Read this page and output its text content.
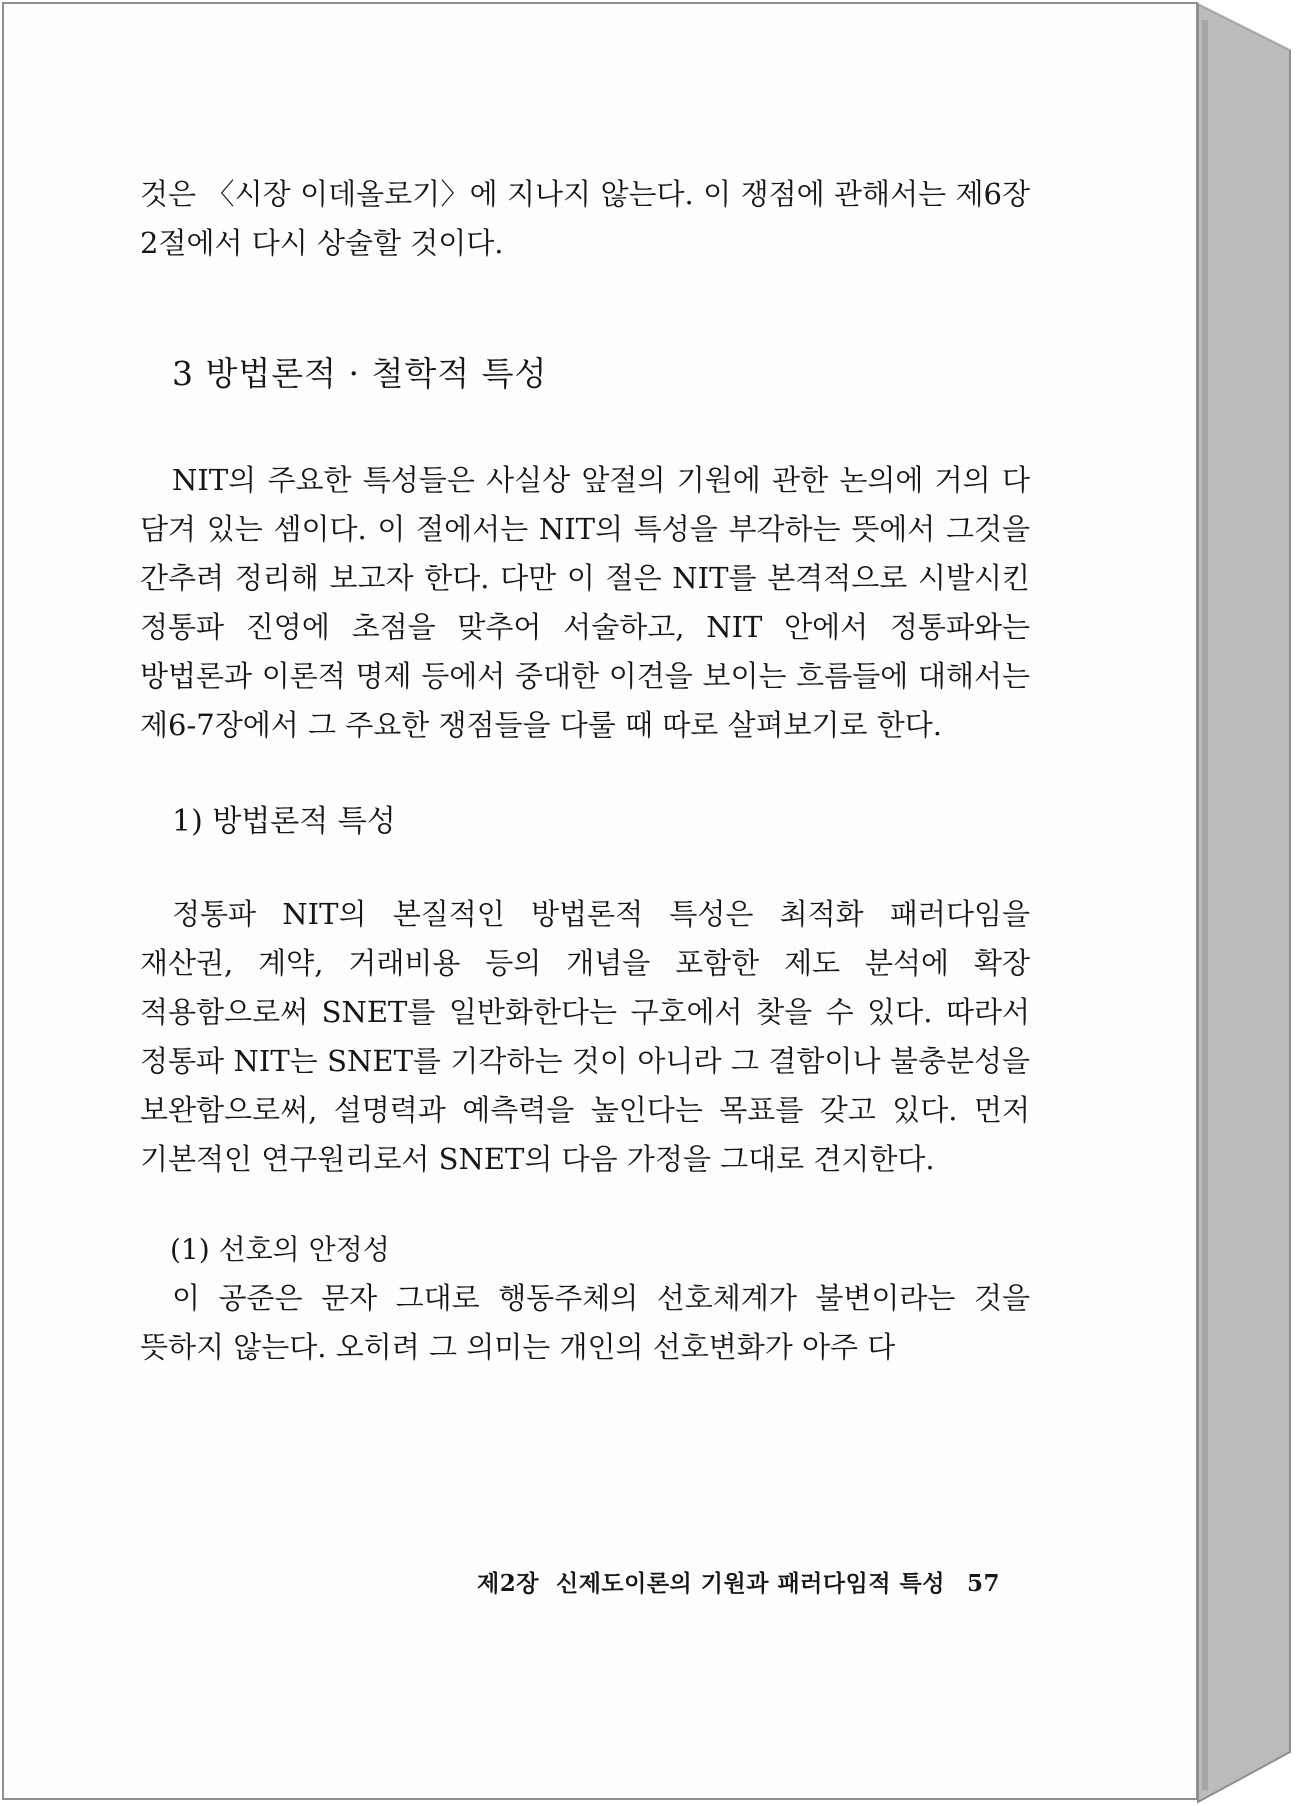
것은 〈시장 이데올로기〉에 지나지 않는다. 이 쟁점에 관해서는 제6장 2절에서 다시 상술할 것이다.

3 방법론적 · 철학적 특성

NIT의 주요한 특성들은 사실상 앞절의 기원에 관한 논의에 거의 다 담겨 있는 셈이다. 이 절에서는 NIT의 특성을 부각하는 뜻에서 그것을 간추려 정리해 보고자 한다. 다만 이 절은 NIT를 본격적으로 시발시킨 정통파 진영에 초점을 맞추어 서술하고, NIT 안에서 정통파와는 방법론과 이론적 명제 등에서 중대한 이견을 보이는 흐름들에 대해서는 제6-7장에서 그 주요한 쟁점들을 다룰 때 따로 살펴보기로 한다.

1) 방법론적 특성

정통파 NIT의 본질적인 방법론적 특성은 최적화 패러다임을 재산권, 계약, 거래비용 등의 개념을 포함한 제도 분석에 확장 적용함으로써 SNET를 일반화한다는 구호에서 찾을 수 있다. 따라서 정통파 NIT는 SNET를 기각하는 것이 아니라 그 결함이나 불충분성을 보완함으로써, 설명력과 예측력을 높인다는 목표를 갖고 있다. 먼저 기본적인 연구원리로서 SNET의 다음 가정을 그대로 견지한다.

(1) 선호의 안정성

이 공준은 문자 그대로 행동주체의 선호체계가 불변이라는 것을 뜻하지 않는다. 오히려 그 의미는 개인의 선호변화가 아주 다

제2장  신제도이론의 기원과 패러다임적 특성 57
